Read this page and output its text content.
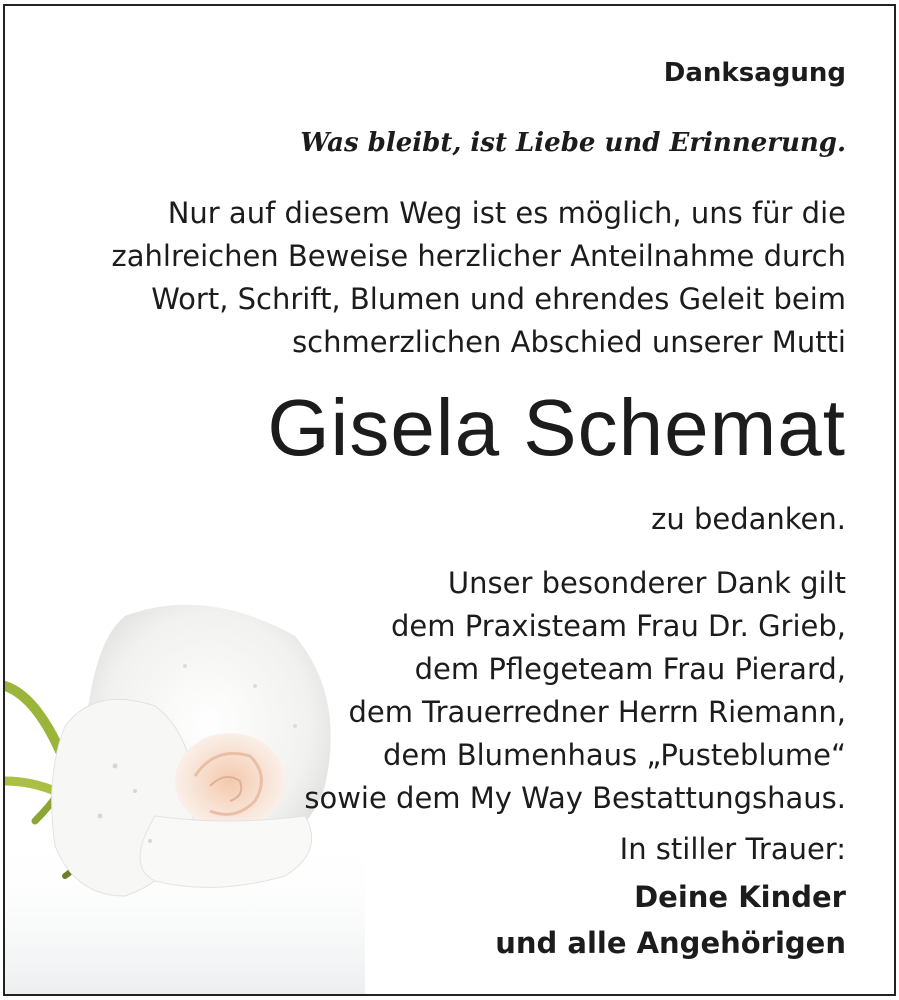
Danksagung
Was bleibt, ist Liebe und Erinnerung.
Nur auf diesem Weg ist es möglich, uns für die
zahlreichen Beweise herzlicher Anteilnahme durch
Wort, Schrift, Blumen und ehrendes Geleit beim
schmerzlichen Abschied unserer Mutti
Gisela Schemat
zu bedanken.
Unser besonderer Dank gilt
dem Praxisteam Frau Dr. Grieb,
dem Pflegeteam Frau Pierard,
dem Trauerredner Herrn Riemann,
dem Blumenhaus „Pusteblume“
sowie dem My Way Bestattungshaus.
In stiller Trauer:
Deine Kinder
und alle Angehörigen
